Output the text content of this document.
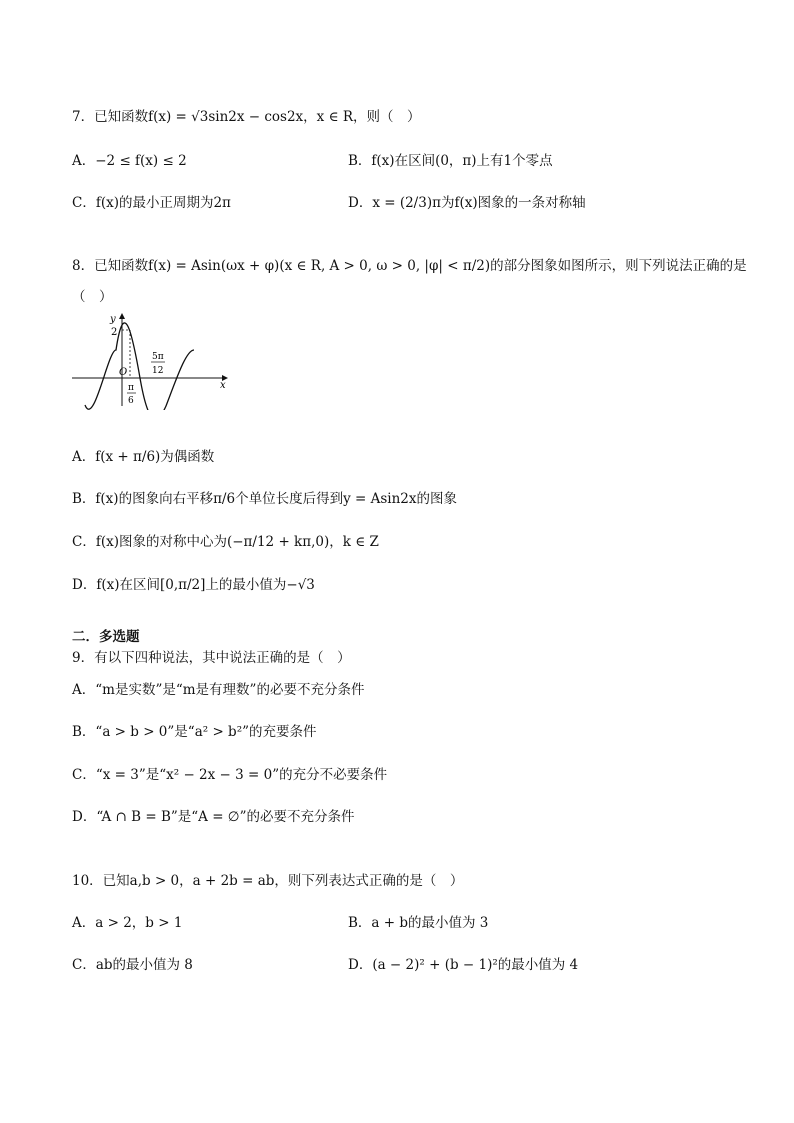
7．已知函数f(x) = √3sin2x − cos2x，x ∈ R，则（　）
A．−2 ≤ f(x) ≤ 2	B．f(x)在区间(0，π)上有1个零点
C．f(x)的最小正周期为2π	D．x = (2/3)π为f(x)图象的一条对称轴
8．已知函数f(x) = Asin(ωx + φ)(x ∈ R, A > 0, ω > 0, |φ| < π/2)的部分图象如图所示，则下列说法正确的是
（　）
y
x
O
2
π
6
5π
12
A．f(x + π/6)为偶函数
B．f(x)的图象向右平移π/6个单位长度后得到y = Asin2x的图象
C．f(x)图象的对称中心为(−π/12 + kπ,0)，k ∈ Z
D．f(x)在区间[0,π/2]上的最小值为−√3
二．多选题
9．有以下四种说法，其中说法正确的是（　）
A．“m是实数”是“m是有理数”的必要不充分条件
B．“a > b > 0”是“a² > b²”的充要条件
C．“x = 3”是“x² − 2x − 3 = 0”的充分不必要条件
D．“A ∩ B = B”是“A = ∅”的必要不充分条件
10．已知a,b > 0，a + 2b = ab，则下列表达式正确的是（　）
A．a > 2，b > 1	B．a + b的最小值为 3
C．ab的最小值为 8	D．(a − 2)² + (b − 1)²的最小值为 4
